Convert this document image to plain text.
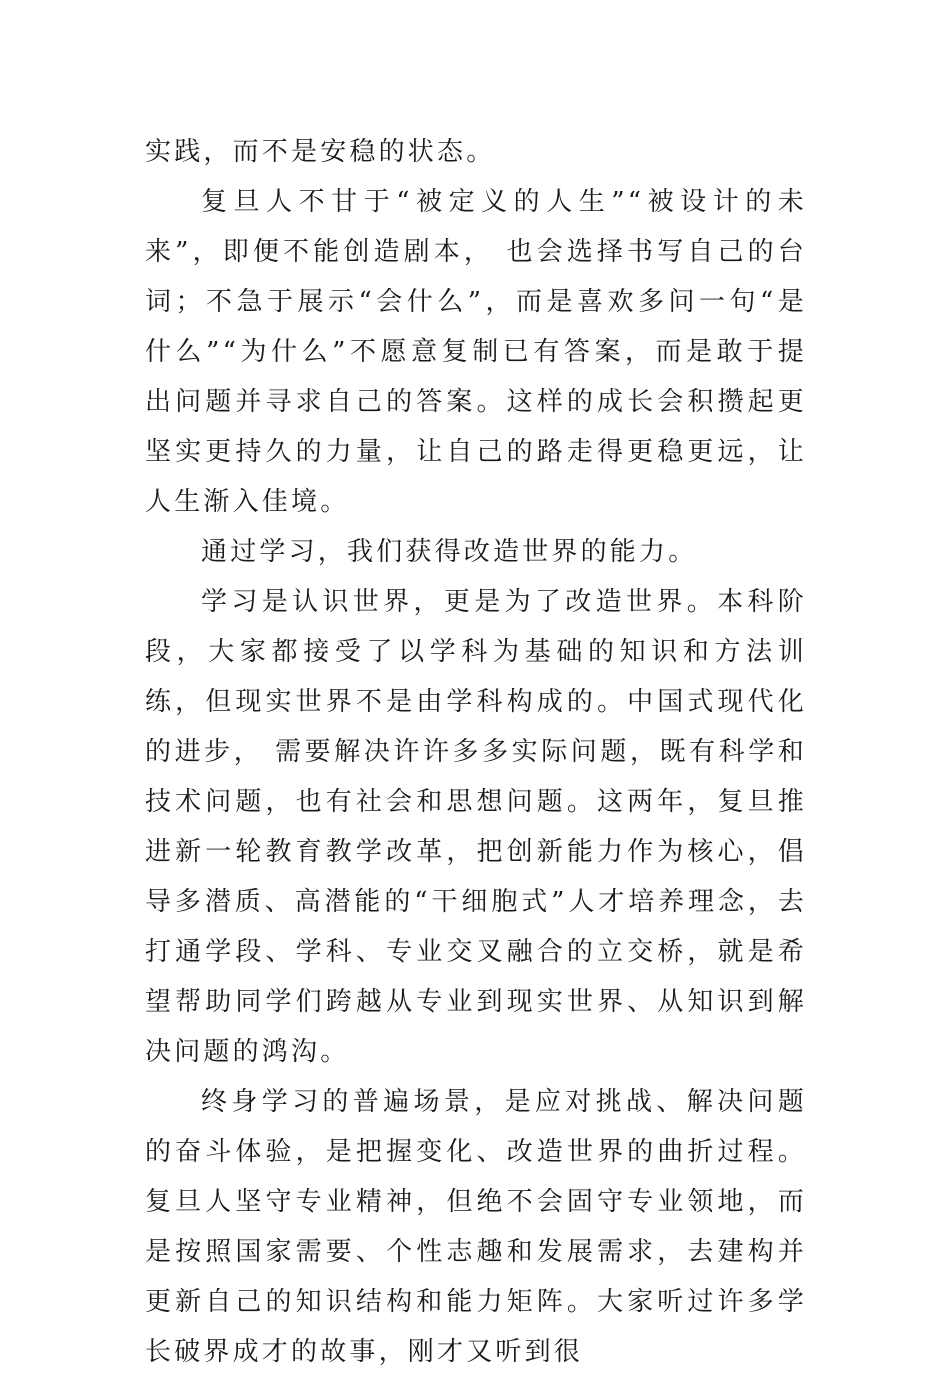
实践，而不是安稳的状态。

复旦人不甘于“被定义的人生”“被设计的未来”，即便不能创造剧本， 也会选择书写自己的台词；不急于展示“会什么”，而是喜欢多问一句“是什么”“为什么”不愿意复制已有答案，而是敢于提出问题并寻求自己的答案。这样的成长会积攒起更坚实更持久的力量，让自己的路走得更稳更远，让人生渐入佳境。

通过学习，我们获得改造世界的能力。

学习是认识世界，更是为了改造世界。本科阶段，大家都接受了以学科为基础的知识和方法训练，但现实世界不是由学科构成的。中国式现代化的进步， 需要解决许许多多实际问题，既有科学和技术问题，也有社会和思想问题。这两年，复旦推进新一轮教育教学改革，把创新能力作为核心，倡导多潜质、高潜能的“干细胞式”人才培养理念，去打通学段、学科、专业交叉融合的立交桥，就是希望帮助同学们跨越从专业到现实世界、从知识到解决问题的鸿沟。

终身学习的普遍场景，是应对挑战、解决问题的奋斗体验，是把握变化、改造世界的曲折过程。复旦人坚守专业精神，但绝不会固守专业领地，而是按照国家需要、个性志趣和发展需求，去建构并更新自己的知识结构和能力矩阵。大家听过许多学长破界成才的故事，刚才又听到很
